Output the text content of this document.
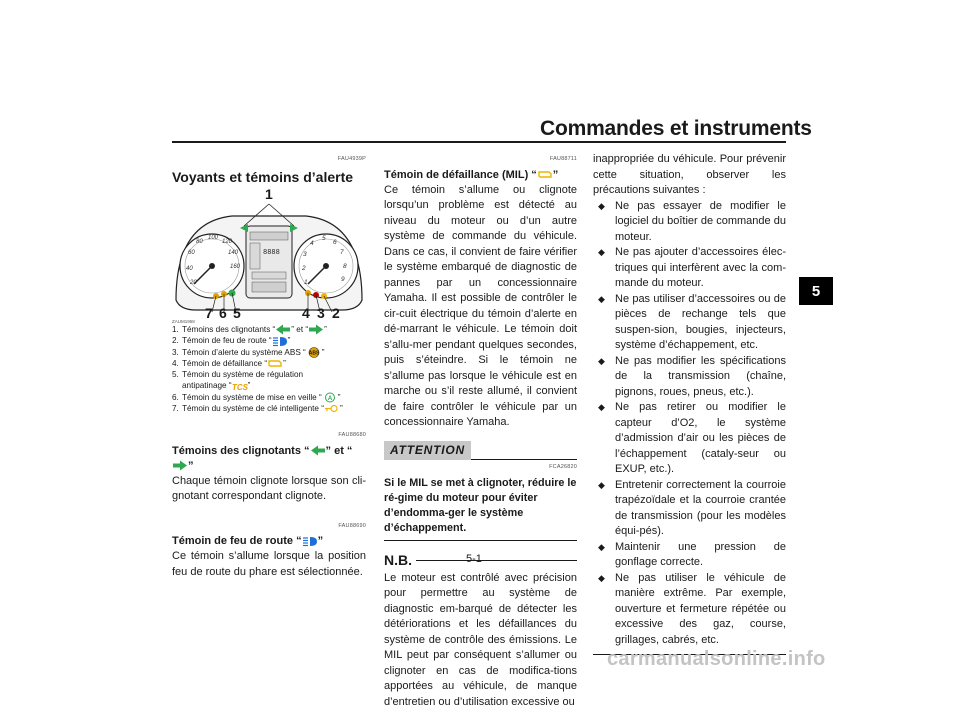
Commandes et instruments
5
FAU4939P
Voyants et témoins d’alerte
20
40
60
80
100
120
140
160
1
2
3
4
5
6
7
8
9
8888
1
7 6 5	4 3 2
ZAUM1958
1. Témoins des clignotants “ ” et “ ”
2. Témoin de feu de route “ ”
3. Témoin d’alerte du système ABS “ ABS ”
4. Témoin de défaillance “ ”
5. Témoin du système de régulation
antipatinage “ TCS ”
6. Témoin du système de mise en veille “ A ”
7. Témoin du système de clé intelligente “ ”
FAU88680
Témoins des clignotants “ ” et “”
Chaque témoin clignote lorsque son cli-gnotant correspondant clignote.
FAU88690
Témoin de feu de route “ ”
Ce témoin s’allume lorsque la position feu de route du phare est sélectionnée.
FAU88711
Témoin de défaillance (MIL) “ ”
Ce témoin s’allume ou clignote lorsqu’un problème est détecté au niveau du moteur ou d’un autre système de commande du véhicule. Dans ce cas, il convient de faire vérifier le système embarqué de diagnostic de pannes par un concessionnaire Yamaha. Il est possible de contrôler le cir-cuit électrique du témoin d’alerte en dé-marrant le véhicule. Le témoin doit s’allu-mer pendant quelques secondes, puis s’éteindre. Si le témoin ne s’allume pas lorsque le véhicule est en marche ou s’il reste allumé, il convient de faire contrôler le véhicule par un concessionnaire Yamaha.
ATTENTION
FCA26820
Si le MIL se met à clignoter, réduire le ré-gime du moteur pour éviter d’endomma-ger le système d’échappement.
N.B.
Le moteur est contrôlé avec précision pour permettre au système de diagnostic em-barqué de détecter les détériorations et les défaillances du système de contrôle des émissions. Le MIL peut par conséquent s’allumer ou clignoter en cas de modifica-tions apportées au véhicule, de manque d’entretien ou d’utilisation excessive ou
inappropriée du véhicule. Pour prévenir cette situation, observer les précautions suivantes :
◆ Ne pas essayer de modifier le logiciel du boîtier de commande du moteur.
◆ Ne pas ajouter d’accessoires élec-triques qui interfèrent avec la com-mande du moteur.
◆ Ne pas utiliser d’accessoires ou de pièces de rechange tels que suspen-sion, bougies, injecteurs, système d’échappement, etc.
◆ Ne pas modifier les spécifications de la transmission (chaîne, pignons, roues, pneus, etc.).
◆ Ne pas retirer ou modifier le capteur d’O2, le système d’admission d’air ou les pièces de l’échappement (cataly-seur ou EXUP, etc.).
◆ Entretenir correctement la courroie trapézoïdale et la courroie crantée de transmission (pour les modèles équi-pés).
◆ Maintenir une pression de gonflage correcte.
◆ Ne pas utiliser le véhicule de manière extrême. Par exemple, ouverture et fermeture répétée ou excessive des gaz, course, grillages, cabrés, etc.
5-1
carmanualsonline.info
